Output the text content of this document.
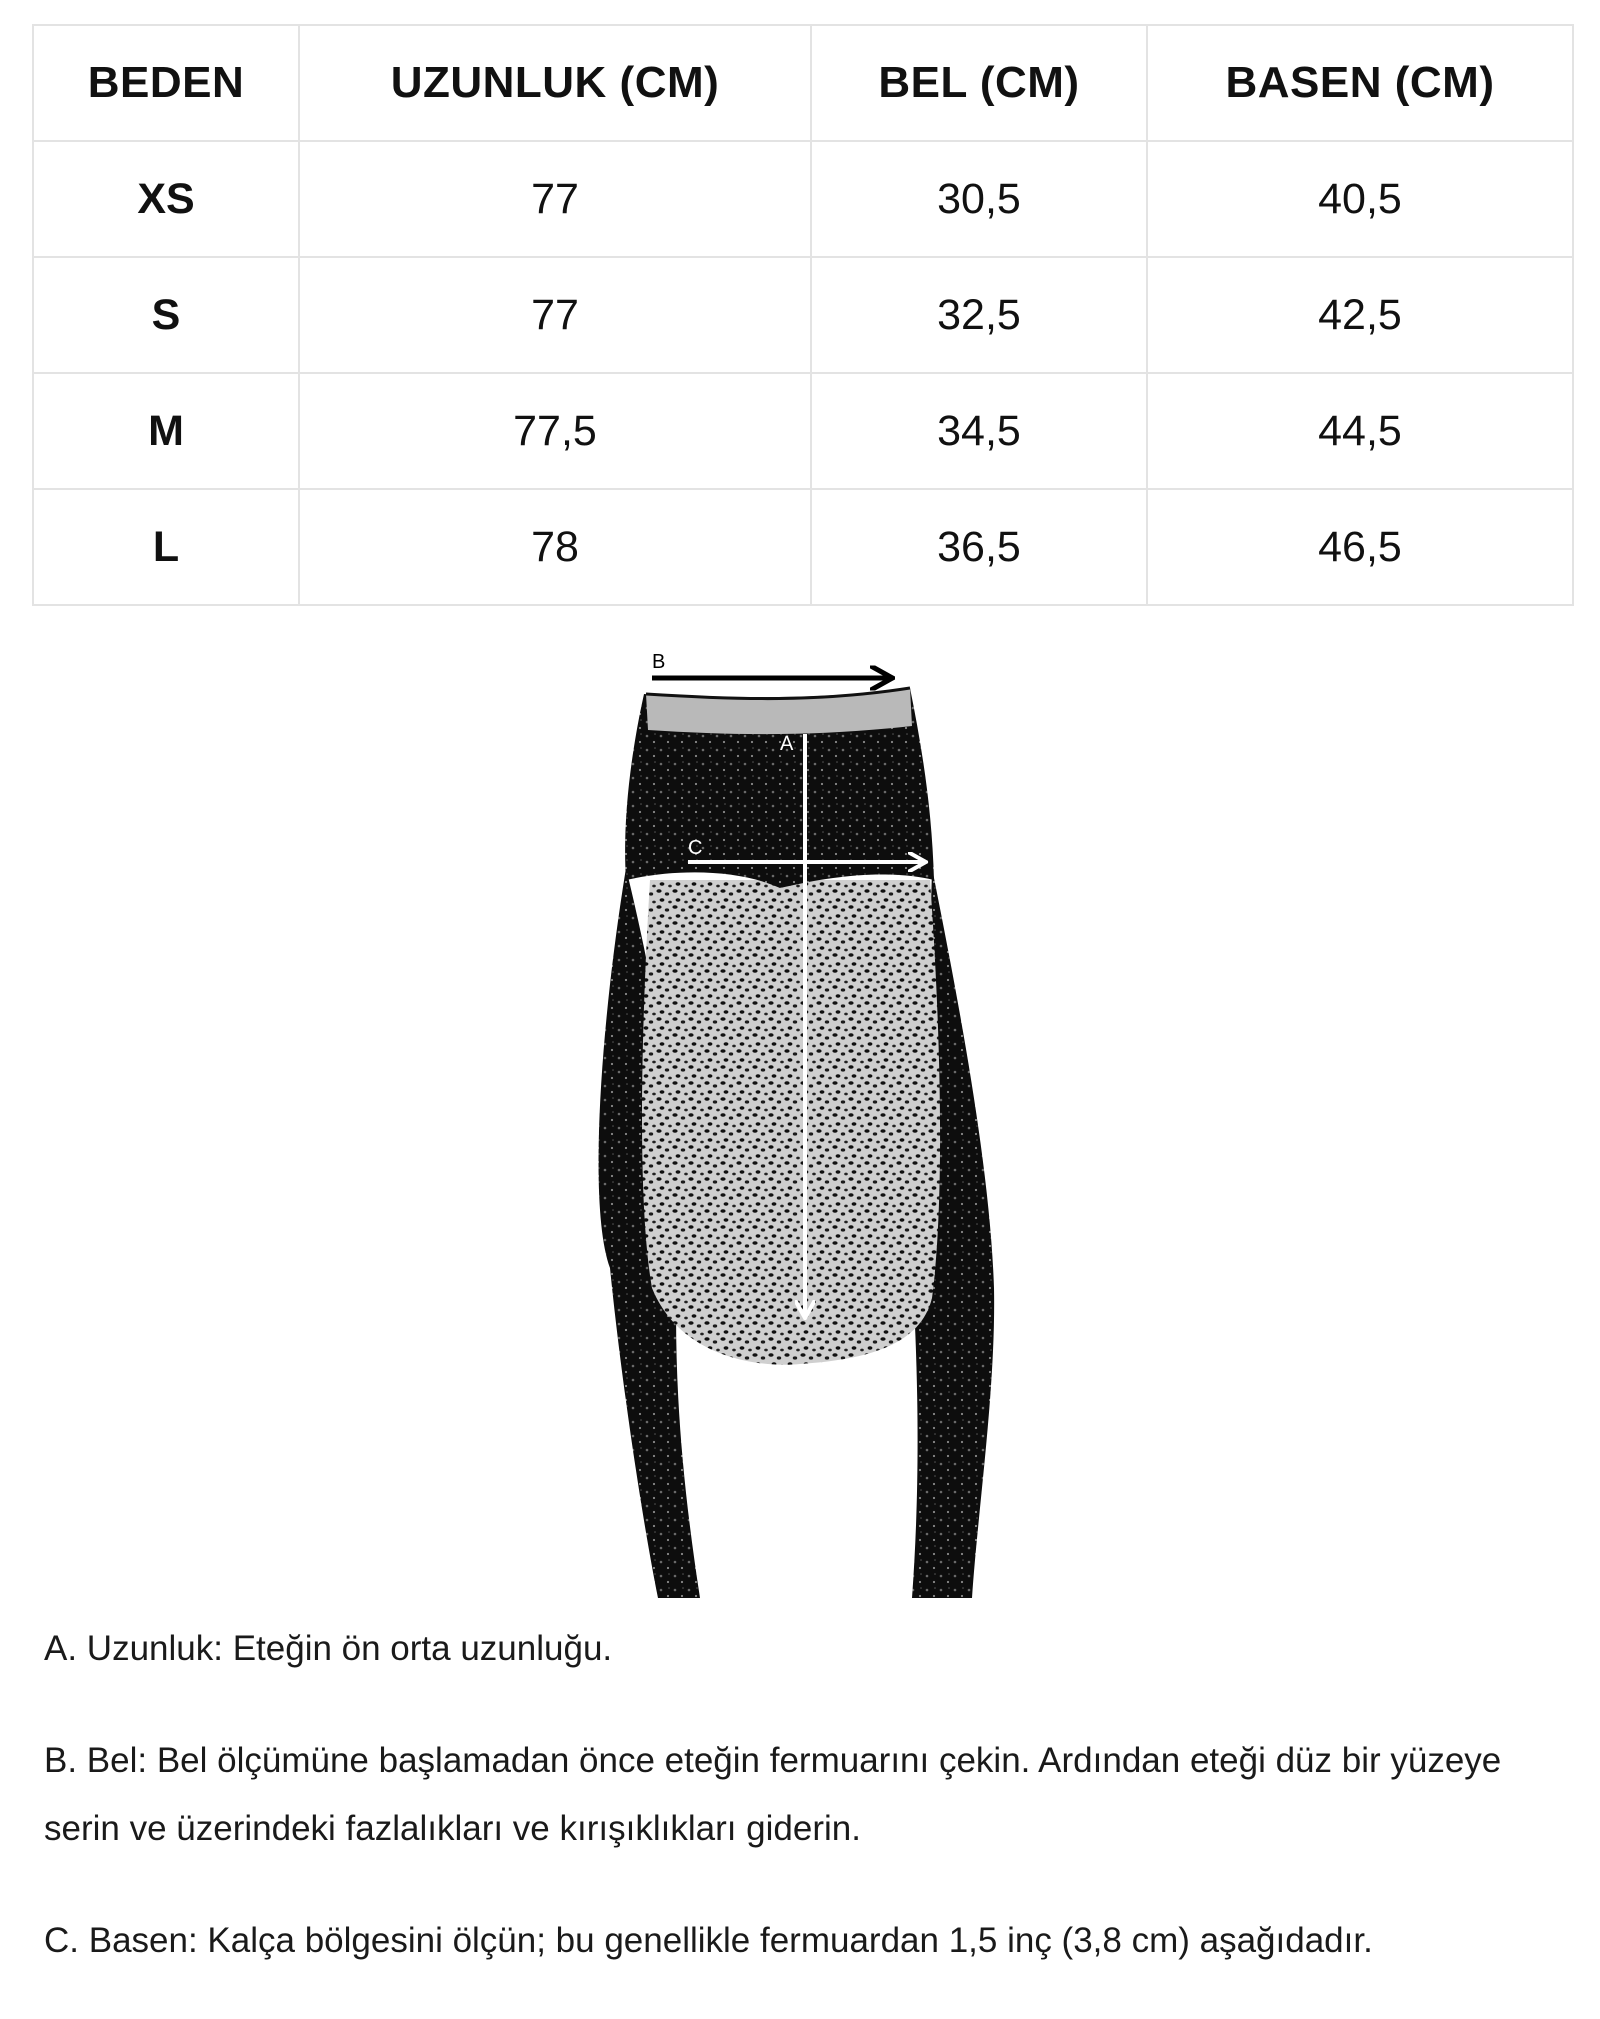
BEDEN	UZUNLUK (CM)	BEL (CM)	BASEN (CM)
XS	77	30,5	40,5
S	77	32,5	42,5
M	77,5	34,5	44,5
L	78	36,5	46,5
B
A
C

A. Uzunluk: Eteğin ön orta uzunluğu.

B. Bel: Bel ölçümüne başlamadan önce eteğin fermuarını çekin. Ardından eteği düz bir yüzeye serin ve üzerindeki fazlalıkları ve kırışıklıkları giderin.

C. Basen: Kalça bölgesini ölçün; bu genellikle fermuardan 1,5 inç (3,8 cm) aşağıdadır.
